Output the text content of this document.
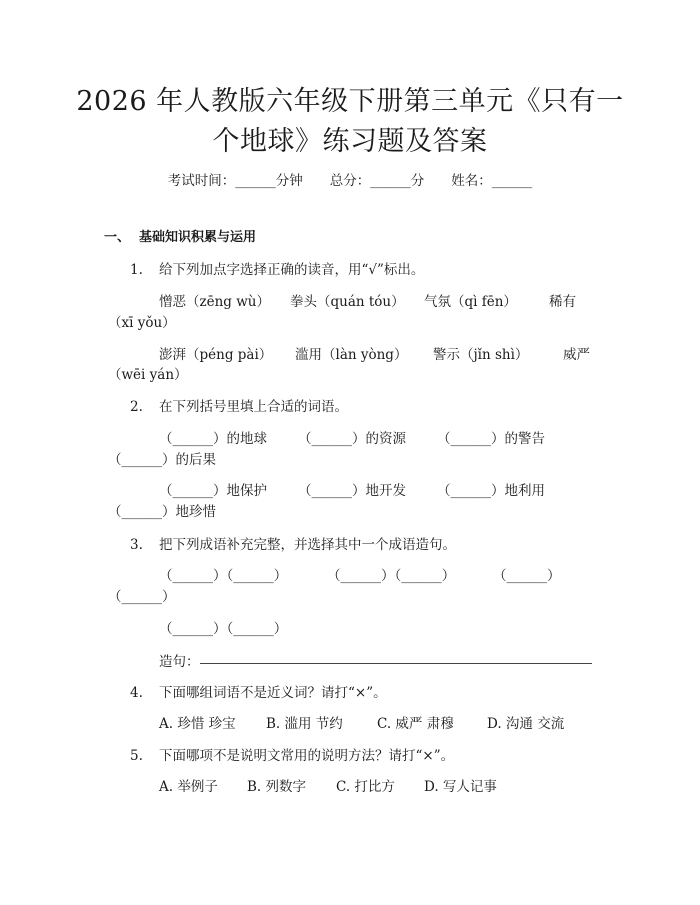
2026 年人教版六年级下册第三单元《只有一
个地球》练习题及答案
考试时间：______分钟　　总分：______分　　姓名：______
一、 基础知识积累与运用
1. 给下列加点字选择正确的读音，用“√”标出。
憎恶（zēng wù） 拳头（quán tóu） 气氛（qì fēn） 稀有
（xī yǒu）
澎湃（péng pài） 滥用（làn yòng） 警示（jǐn shì）	威严
（wēi yán）
2. 在下列括号里填上合适的词语。
（______）的地球 （______）的资源 （______）的警告
（______）的后果
（______）地保护 （______）地开发 （______）地利用
（______）地珍惜
3. 把下列成语补充完整，并选择其中一个成语造句。
（______）（______）	（______）（______）	（______）
（______）
（______）（______）
造句：
4. 下面哪组词语不是近义词？请打“×”。
A. 珍惜 珍宝 B. 滥用 节约	C. 威严 肃穆 D. 沟通 交流
5. 下面哪项不是说明文常用的说明方法？请打“×”。
A. 举例子 B. 列数字 C. 打比方 D. 写人记事
